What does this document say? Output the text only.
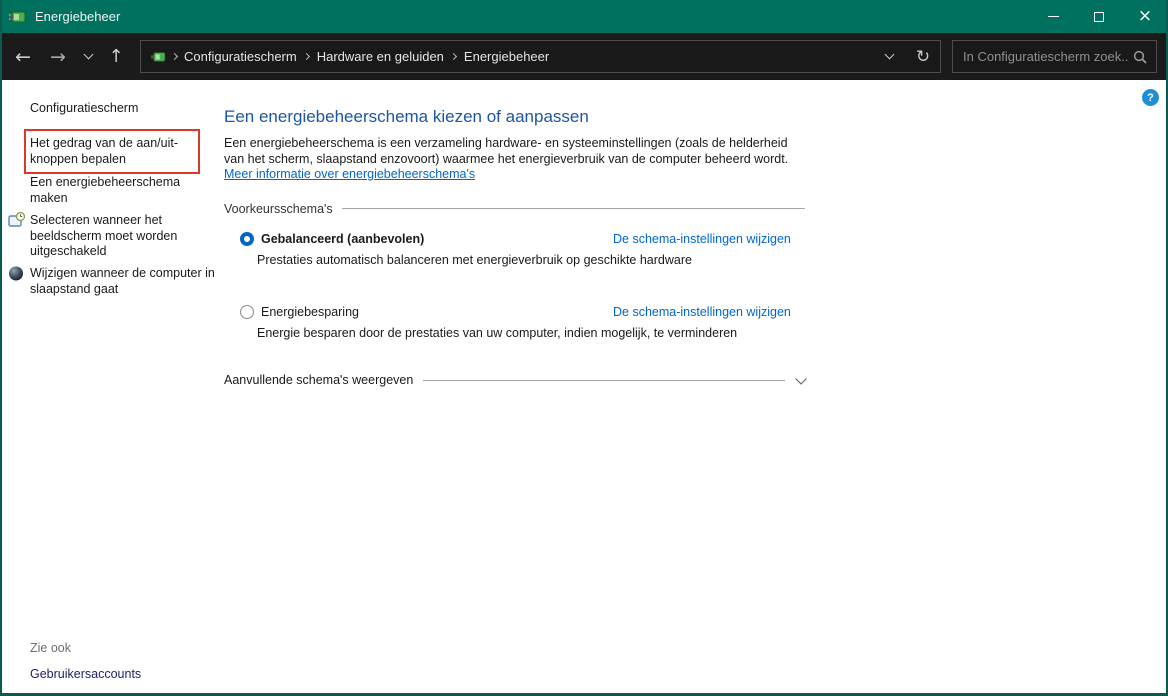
Energiebeheer	×
← → ↑	Configuratiescherm Hardware en geluiden Energiebeheer	↻
In Configuratiescherm zoek...
?
Configuratiescherm
Het gedrag van de aan/uit-knoppen bepalen
Een energiebeheerschema maken
Selecteren wanneer het beeldscherm moet worden uitgeschakeld
Wijzigen wanneer de computer in slaapstand gaat
Zie ook
Gebruikersaccounts
Een energiebeheerschema kiezen of aanpassen

Een energiebeheerschema is een verzameling hardware- en systeeminstellingen (zoals de helderheid van het scherm, slaapstand enzovoort) waarmee het energieverbruik van de computer beheerd wordt. Meer informatie over energiebeheerschema's

Voorkeursschema's
Gebalanceerd (aanbevolen)	De schema-instellingen wijzigen
Prestaties automatisch balanceren met energieverbruik op geschikte hardware
Energiebesparing	De schema-instellingen wijzigen
Energie besparen door de prestaties van uw computer, indien mogelijk, te verminderen
Aanvullende schema's weergeven
